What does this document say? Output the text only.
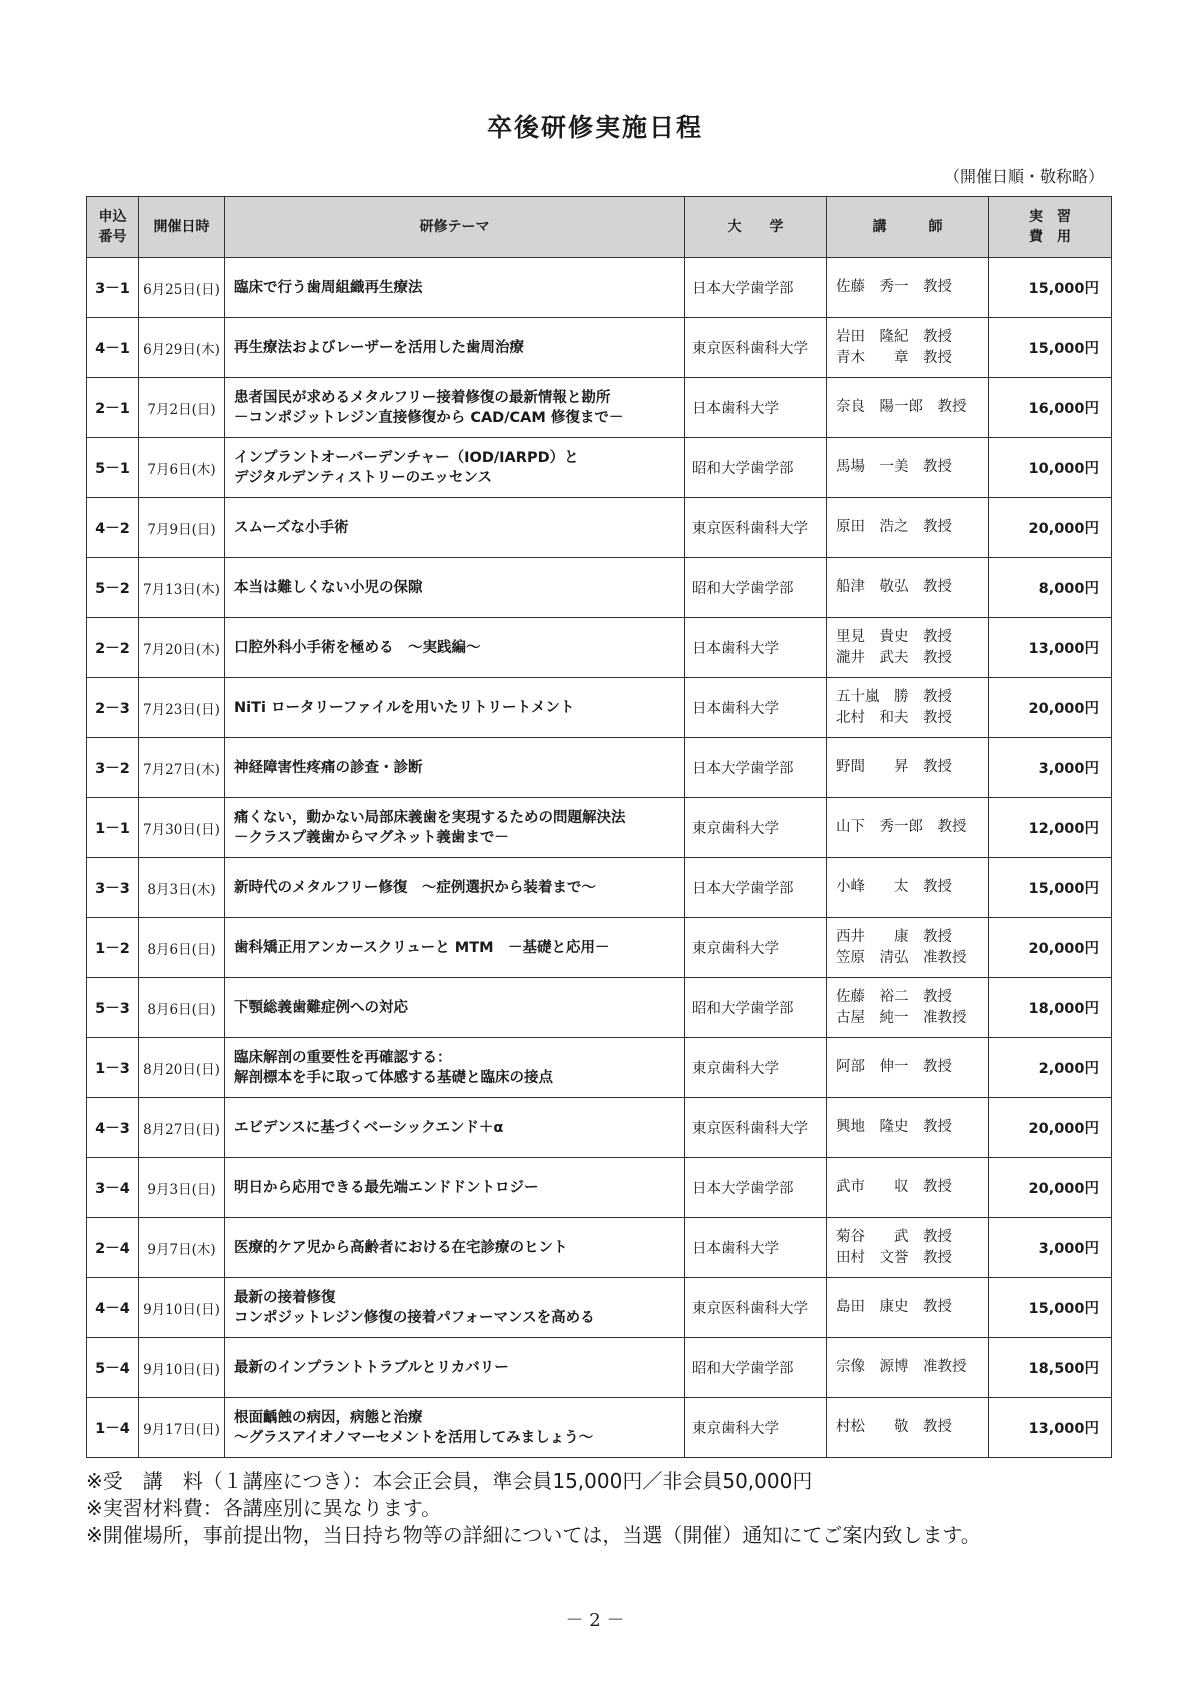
卒後研修実施日程
（開催日順・敬称略）
申込
番号	開催日時	研修テーマ	大　　学	講　　　師	実　習
費　用

3－1	6月25日(日)	臨床で行う歯周組織再生療法	日本大学歯学部	佐藤　秀一　教授	15,000円
4－1	6月29日(木)	再生療法およびレーザーを活用した歯周治療	東京医科歯科大学	岩田　隆紀　教授
青木　　章　教授	15,000円
2－1	7月2日(日)	患者国民が求めるメタルフリー接着修復の最新情報と勘所
－コンポジットレジン直接修復から CAD/CAM 修復まで－	日本歯科大学	奈良　陽一郎　教授	16,000円
5－1	7月6日(木)	インプラントオーバーデンチャー（IOD/IARPD）と
デジタルデンティストリーのエッセンス	昭和大学歯学部	馬場　一美　教授	10,000円
4－2	7月9日(日)	スムーズな小手術	東京医科歯科大学	原田　浩之　教授	20,000円
5－2	7月13日(木)	本当は難しくない小児の保隙	昭和大学歯学部	船津　敬弘　教授	8,000円
2－2	7月20日(木)	口腔外科小手術を極める　～実践編～	日本歯科大学	里見　貴史　教授
瀧井　武夫　教授	13,000円
2－3	7月23日(日)	NiTi ロータリーファイルを用いたリトリートメント	日本歯科大学	五十嵐　勝　教授
北村　和夫　教授	20,000円
3－2	7月27日(木)	神経障害性疼痛の診査・診断	日本大学歯学部	野間　　昇　教授	3,000円
1－1	7月30日(日)	痛くない，動かない局部床義歯を実現するための問題解決法
－クラスプ義歯からマグネット義歯まで－	東京歯科大学	山下　秀一郎　教授	12,000円
3－3	8月3日(木)	新時代のメタルフリー修復　～症例選択から装着まで～	日本大学歯学部	小峰　　太　教授	15,000円
1－2	8月6日(日)	歯科矯正用アンカースクリューと MTM　－基礎と応用－	東京歯科大学	西井　　康　教授
笠原　清弘　准教授	20,000円
5－3	8月6日(日)	下顎総義歯難症例への対応	昭和大学歯学部	佐藤　裕二　教授
古屋　純一　准教授	18,000円
1－3	8月20日(日)	臨床解剖の重要性を再確認する：
解剖標本を手に取って体感する基礎と臨床の接点	東京歯科大学	阿部　伸一　教授	2,000円
4－3	8月27日(日)	エビデンスに基づくベーシックエンド＋α	東京医科歯科大学	興地　隆史　教授	20,000円
3－4	9月3日(日)	明日から応用できる最先端エンドドントロジー	日本大学歯学部	武市　　収　教授	20,000円
2－4	9月7日(木)	医療的ケア児から高齢者における在宅診療のヒント	日本歯科大学	菊谷　　武　教授
田村　文誉　教授	3,000円
4－4	9月10日(日)	最新の接着修復
コンポジットレジン修復の接着パフォーマンスを高める	東京医科歯科大学	島田　康史　教授	15,000円
5－4	9月10日(日)	最新のインプラントトラブルとリカバリー	昭和大学歯学部	宗像　源博　准教授	18,500円
1－4	9月17日(日)	根面齲蝕の病因，病態と治療
～グラスアイオノマーセメントを活用してみましょう～	東京歯科大学	村松　　敬　教授	13,000円
※受　講　料（１講座につき）：本会正会員，準会員15,000円／非会員50,000円
※実習材料費：各講座別に異なります。
※開催場所，事前提出物，当日持ち物等の詳細については，当選（開催）通知にてご案内致します。
－ 2 －
